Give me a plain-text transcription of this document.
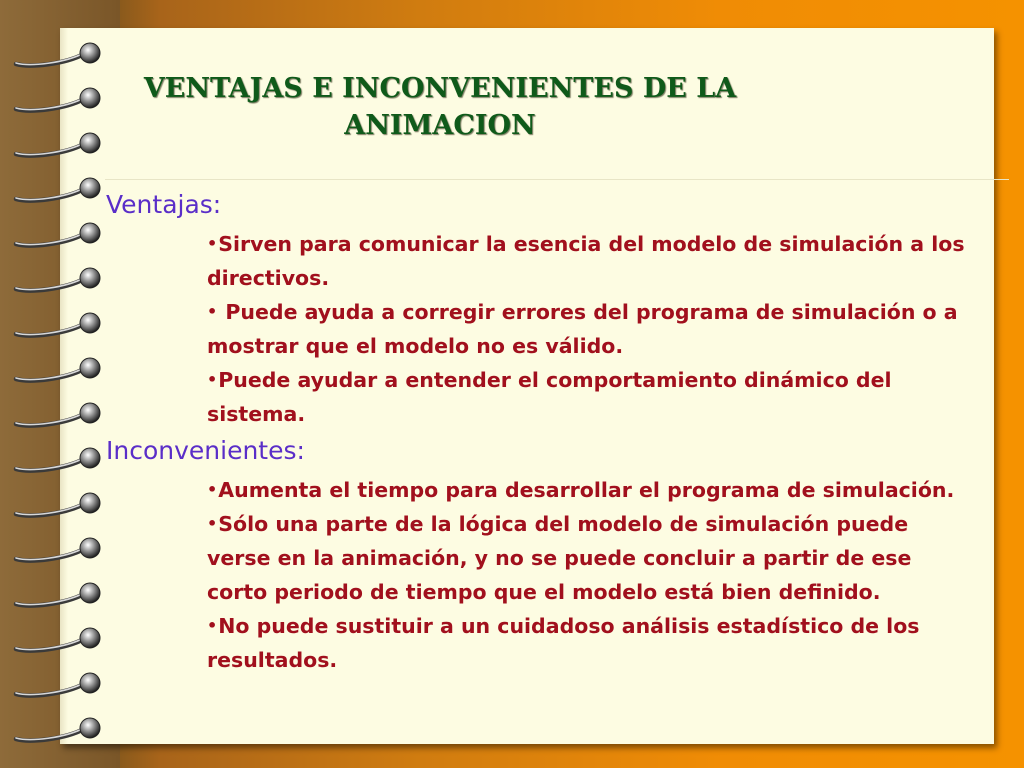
VENTAJAS E INCONVENIENTES DE LA
ANIMACION
Ventajas:
•Sirven para comunicar la esencia del modelo de simulación a los directivos.
• Puede ayuda a corregir errores del programa de simulación o a mostrar que el modelo no es válido.
•Puede ayudar a entender el comportamiento dinámico del sistema.
Inconvenientes:
•Aumenta el tiempo para desarrollar el programa de simulación.
•Sólo una parte de la lógica del modelo de simulación puede verse en la animación, y no se puede concluir a partir de ese corto periodo de tiempo que el modelo está bien definido.
•No puede sustituir a un cuidadoso análisis estadístico de los resultados.
